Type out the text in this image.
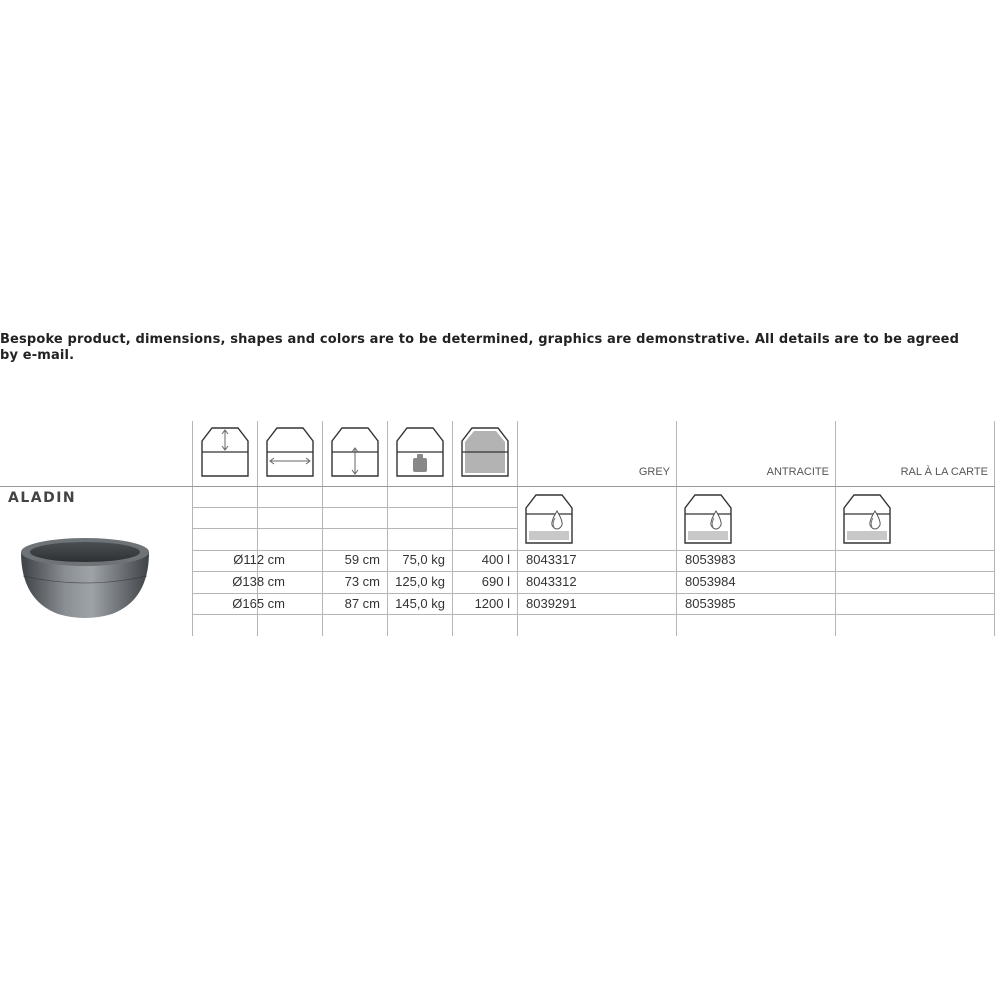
Bespoke product, dimensions, shapes and colors are to be determined, graphics are demonstrative. All details are to be agreed by e-mail.
ALADIN
GREY	ANTRACITE	RAL À LA CARTE
Ø112 cm	59 cm	75,0 kg	400 l 8043317	8053983
Ø138 cm	73 cm	125,0 kg	690 l 8043312	8053984
Ø165 cm	87 cm	145,0 kg	1200 l 8039291	8053985
